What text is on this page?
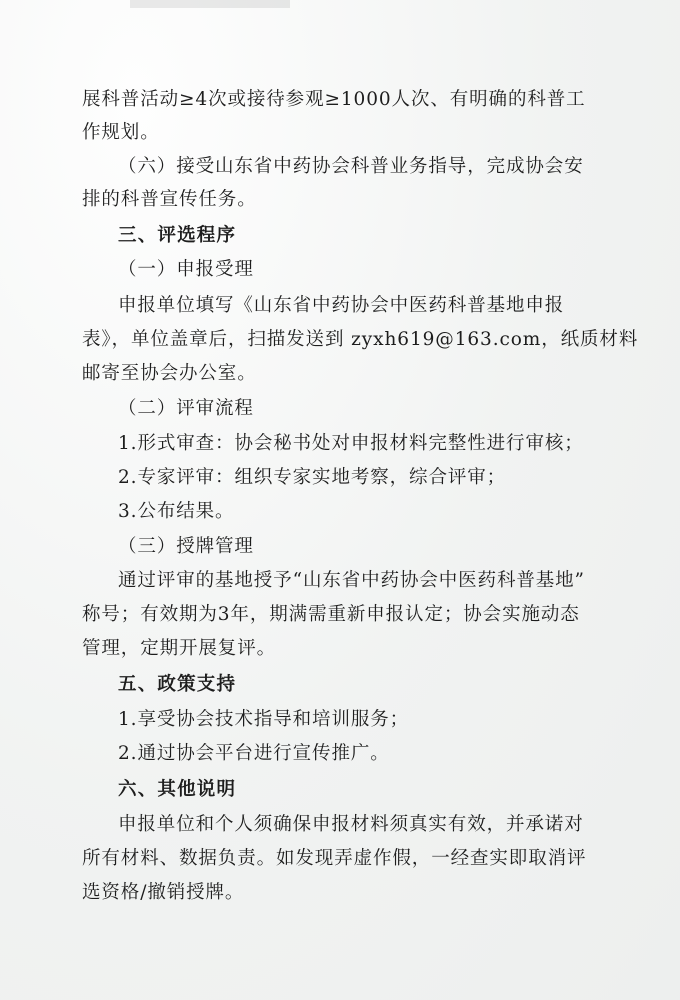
展科普活动≥4次或接待参观≥1000人次、有明确的科普工
作规划。
（六）接受山东省中药协会科普业务指导，完成协会安
排的科普宣传任务。
三、评选程序
（一）申报受理
申报单位填写《山东省中药协会中医药科普基地申报
表》，单位盖章后，扫描发送到 zyxh619@163.com，纸质材料
邮寄至协会办公室。
（二）评审流程
1.形式审查：协会秘书处对申报材料完整性进行审核；
2.专家评审：组织专家实地考察，综合评审；
3.公布结果。
（三）授牌管理
通过评审的基地授予“山东省中药协会中医药科普基地”
称号；有效期为3年，期满需重新申报认定；协会实施动态
管理，定期开展复评。
五、政策支持
1.享受协会技术指导和培训服务；
2.通过协会平台进行宣传推广。
六、其他说明
申报单位和个人须确保申报材料须真实有效，并承诺对
所有材料、数据负责。如发现弄虚作假，一经查实即取消评
选资格/撤销授牌。
